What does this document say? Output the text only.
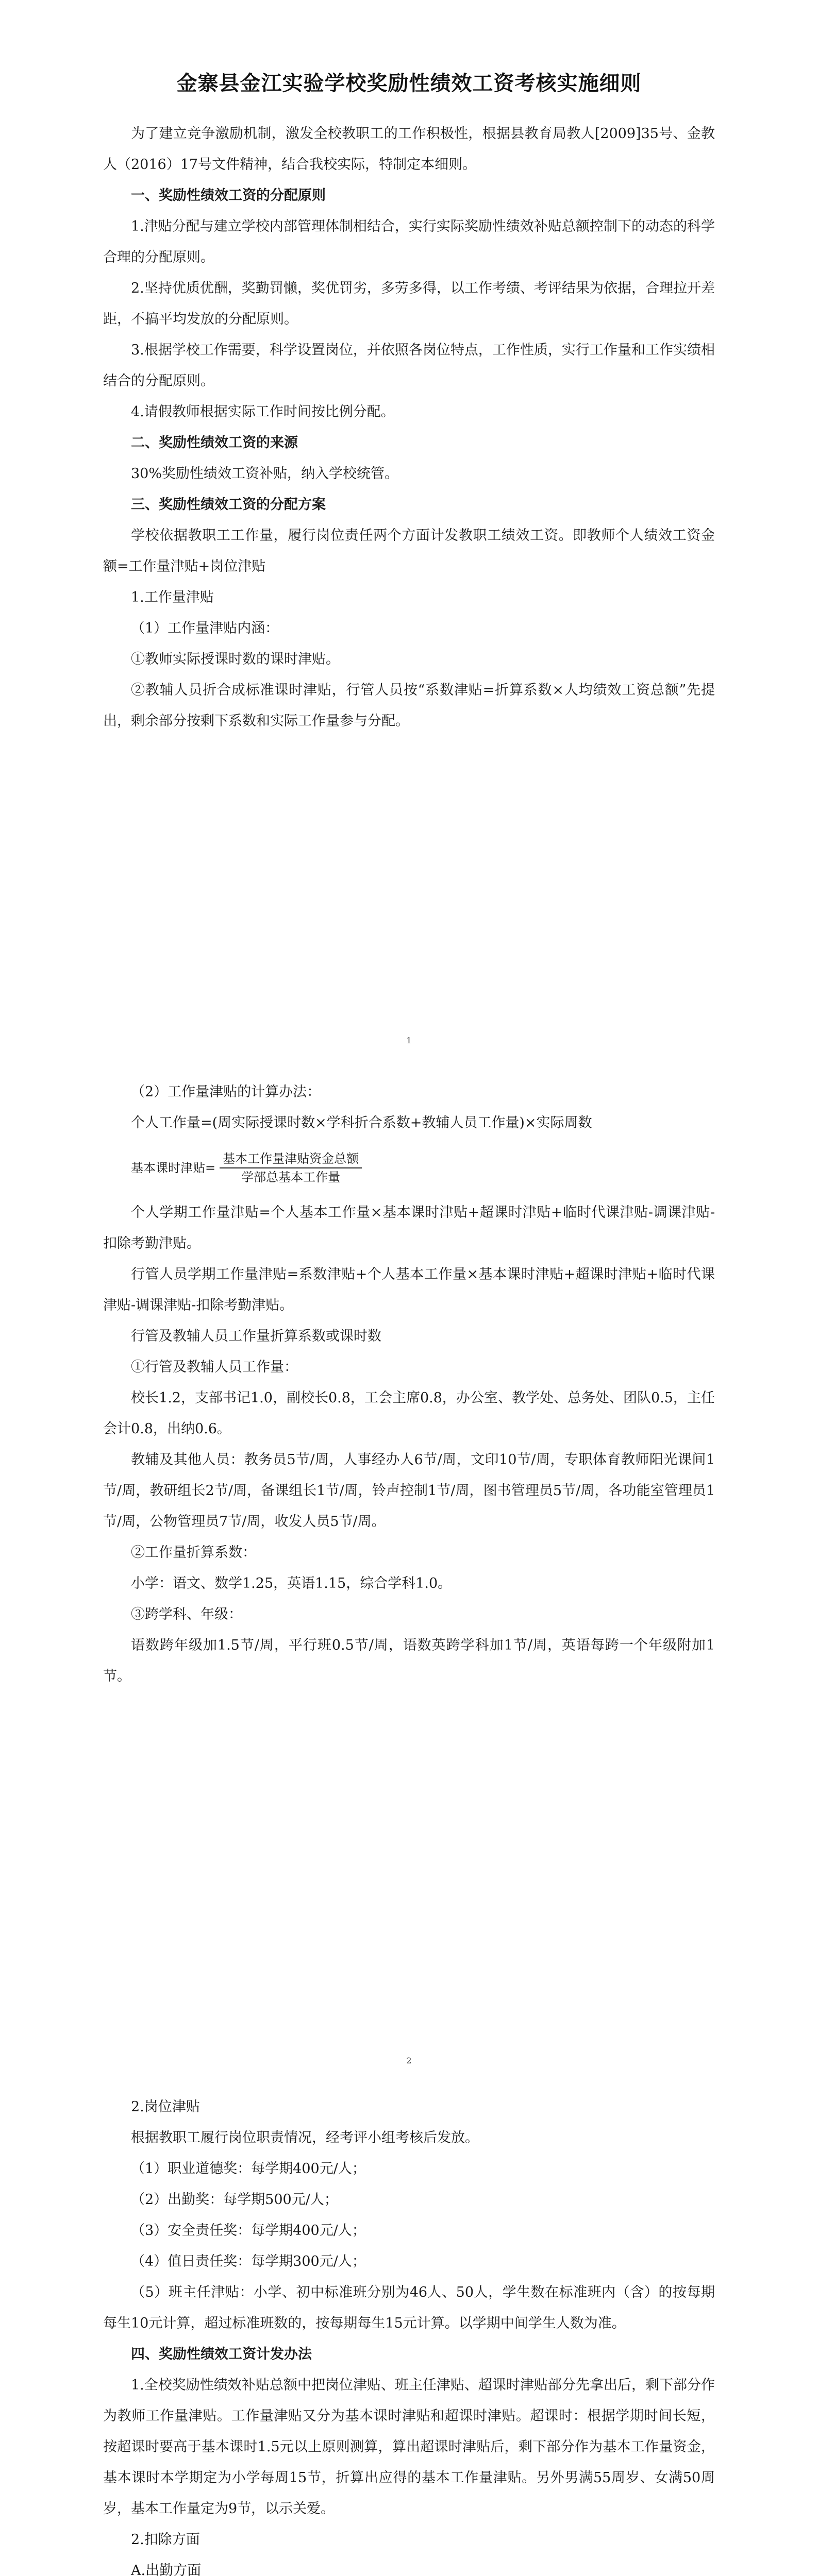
金寨县金江实验学校奖励性绩效工资考核实施细则

为了建立竞争激励机制，激发全校教职工的工作积极性，根据县教育局教人[2009]35号、金教人（2016）17号文件精神，结合我校实际，特制定本细则。

一、奖励性绩效工资的分配原则

1.津贴分配与建立学校内部管理体制相结合，实行实际奖励性绩效补贴总额控制下的动态的科学合理的分配原则。

2.坚持优质优酬，奖勤罚懒，奖优罚劣，多劳多得，以工作考绩、考评结果为依据，合理拉开差距，不搞平均发放的分配原则。

3.根据学校工作需要，科学设置岗位，并依照各岗位特点，工作性质，实行工作量和工作实绩相结合的分配原则。

4.请假教师根据实际工作时间按比例分配。

二、奖励性绩效工资的来源

30%奖励性绩效工资补贴，纳入学校统管。

三、奖励性绩效工资的分配方案

学校依据教职工工作量，履行岗位责任两个方面计发教职工绩效工资。即教师个人绩效工资金额=工作量津贴+岗位津贴

1.工作量津贴

（1）工作量津贴内涵：

①教师实际授课时数的课时津贴。

②教辅人员折合成标准课时津贴，行管人员按“系数津贴=折算系数×人均绩效工资总额”先提出，剩余部分按剩下系数和实际工作量参与分配。

1

（2）工作量津贴的计算办法：

个人工作量=(周实际授课时数×学科折合系数+教辅人员工作量)×实际周数

基本课时津贴= $\frac{\text{基本工作量津贴资金总额}}{\text{学部总基本工作量}}$

个人学期工作量津贴=个人基本工作量×基本课时津贴+超课时津贴+临时代课津贴-调课津贴-扣除考勤津贴。

行管人员学期工作量津贴=系数津贴+个人基本工作量×基本课时津贴+超课时津贴+临时代课津贴-调课津贴-扣除考勤津贴。

行管及教辅人员工作量折算系数或课时数

①行管及教辅人员工作量：

校长1.2，支部书记1.0，副校长0.8，工会主席0.8，办公室、教学处、总务处、团队0.5，主任会计0.8，出纳0.6。

教辅及其他人员：教务员5节/周，人事经办人6节/周，文印10节/周，专职体育教师阳光课间1节/周，教研组长2节/周，备课组长1节/周，铃声控制1节/周，图书管理员5节/周，各功能室管理员1节/周，公物管理员7节/周，收发人员5节/周。

②工作量折算系数：

小学：语文、数学1.25，英语1.15，综合学科1.0。

③跨学科、年级：

语数跨年级加1.5节/周，平行班0.5节/周，语数英跨学科加1节/周，英语每跨一个年级附加1节。

2

2.岗位津贴

根据教职工履行岗位职责情况，经考评小组考核后发放。

（1）职业道德奖：每学期400元/人；

（2）出勤奖：每学期500元/人；

（3）安全责任奖：每学期400元/人；

（4）值日责任奖：每学期300元/人；

（5）班主任津贴：小学、初中标准班分别为46人、50人，学生数在标准班内（含）的按每期每生10元计算，超过标准班数的，按每期每生15元计算。以学期中间学生人数为准。

四、奖励性绩效工资计发办法

1.全校奖励性绩效补贴总额中把岗位津贴、班主任津贴、超课时津贴部分先拿出后，剩下部分作为教师工作量津贴。工作量津贴又分为基本课时津贴和超课时津贴。超课时：根据学期时间长短，按超课时要高于基本课时1.5元以上原则测算，算出超课时津贴后，剩下部分作为基本工作量资金，基本课时本学期定为小学每周15节，折算出应得的基本工作量津贴。另外男满55周岁、女满50周岁，基本工作量定为9节，以示关爱。

2.扣除方面

A.出勤方面
